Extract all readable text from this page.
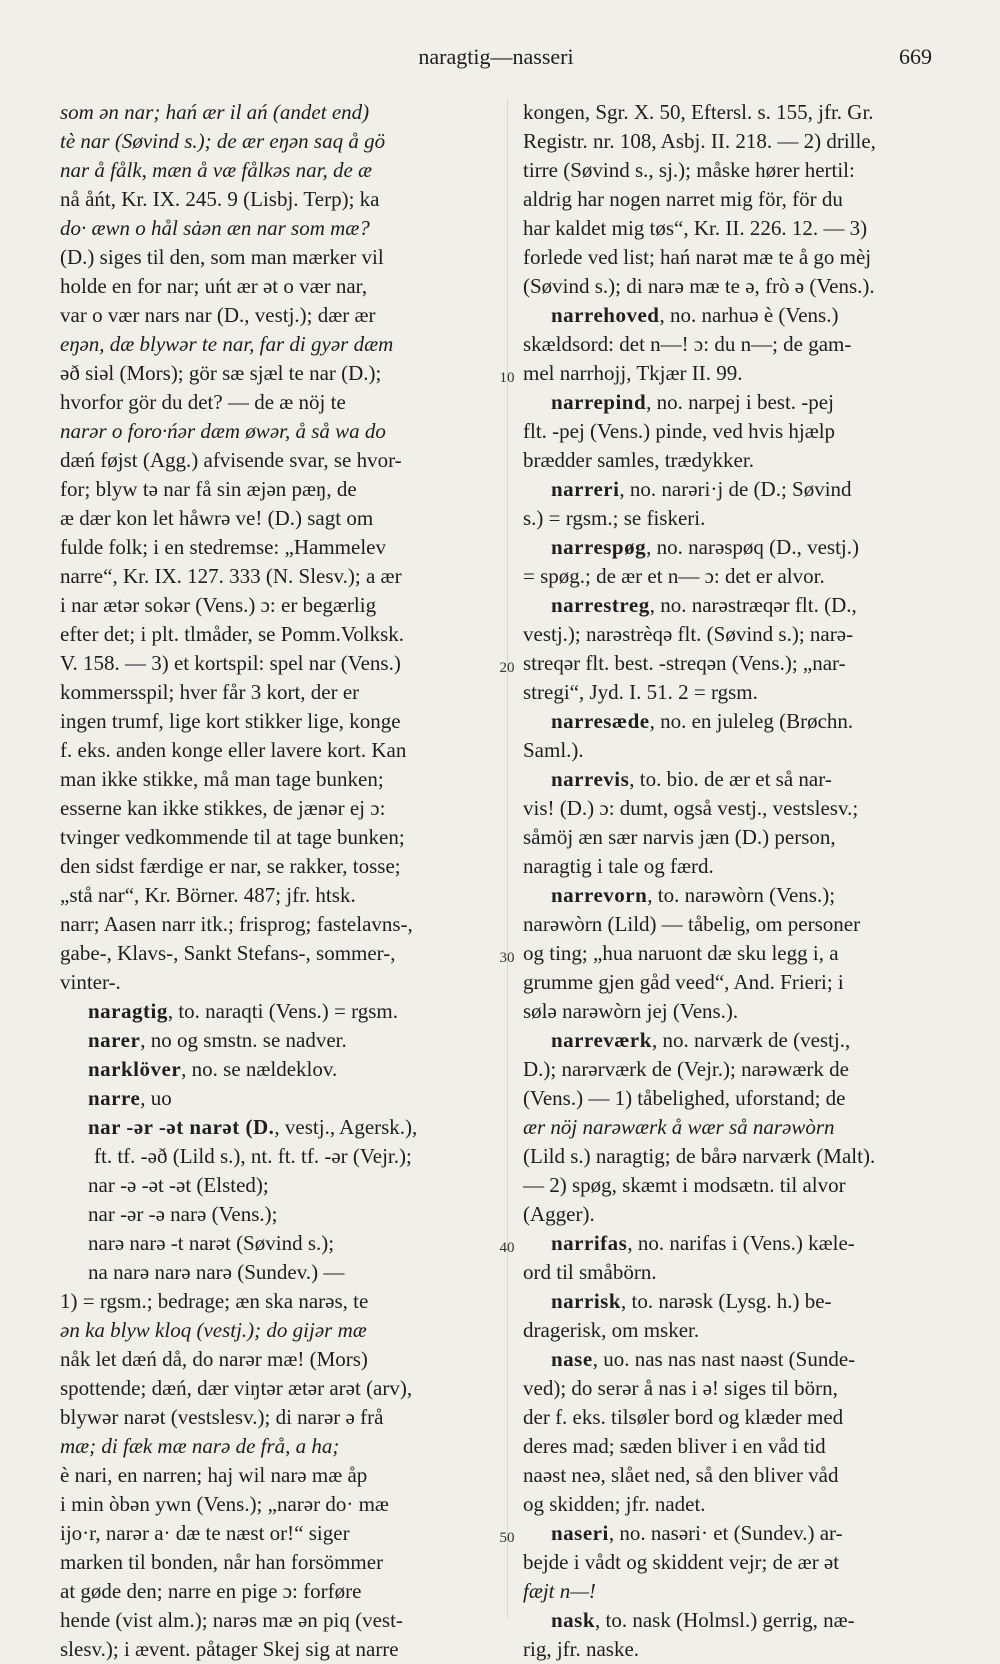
naragtig—nasseri	669
som ən nar; hań ær il ań (andet end)
tè nar (Søvind s.); de ær eŋən saq å gö
nar å fålk, mæn å væ fålkəs nar, de æ
nå åńt, Kr. IX. 245. 9 (Lisbj. Terp); ka
do· æwn o hål sȧən æn nar som mæ?
(D.) siges til den, som man mærker vil
holde en for nar; uńt ær ət o vær nar,
var o vær nars nar (D., vestj.); dær ær
eŋən, dæ blywər te nar, far di gyər dæm
əð siəl (Mors); gör sæ sjæl te nar (D.);
hvorfor gör du det? — de æ nöj te
narər o foro·ńər dæm øwər, å så wa do
dæń føjst (Agg.) afvisende svar, se hvor-
for; blyw tə nar få sin æjən pæŋ, de
æ dær kon let håwrə ve! (D.) sagt om
fulde folk; i en stedremse: „Hammelev
narre“, Kr. IX. 127. 333 (N. Slesv.); a ær
i nar ætər sokər (Vens.) ɔ: er begærlig
efter det; i plt. tlmåder, se Pomm.Volksk.
V. 158. — 3) et kortspil: spel nar (Vens.)
kommersspil; hver får 3 kort, der er
ingen trumf, lige kort stikker lige, konge
f. eks. anden konge eller lavere kort. Kan
man ikke stikke, må man tage bunken;
esserne kan ikke stikkes, de jænər ej ɔ:
tvinger vedkommende til at tage bunken;
den sidst færdige er nar, se rakker, tosse;
„stå nar“, Kr. Börner. 487; jfr. htsk.
narr; Aasen narr itk.; frisprog; fastelavns-,
gabe-, Klavs-, Sankt Stefans-, sommer-,
vinter-.
naragtig, to. naraqti (Vens.) = rgsm.
narer, no og smstn. se nadver.
narklöver, no. se nældeklov.
narre, uo
nar -ər -ət narət (D., vestj., Agersk.),
ft. tf. -əð (Lild s.), nt. ft. tf. -ər (Vejr.);
nar -ə -ət -ət (Elsted);
nar -ər -ə narə (Vens.);
narə narə -t narət (Søvind s.);
na narə narə narə (Sundev.) —
1) = rgsm.; bedrage; æn ska narəs, te
ən ka blyw kloq (vestj.); do gijər mæ
nåk let dæń då, do narər mæ! (Mors)
spottende; dæń, dær viŋtər ætər arət (arv),
blywər narət (vestslesv.); di narər ə frå
mæ; di fæk mæ narə de frå, a ha;
è nari, en narren; haj wil narə mæ åp
i min òbən ywn (Vens.); „narər do· mæ
ijo·r, narər a· dæ te næst or!“ siger
marken til bonden, når han forsömmer
at gøde den; narre en pige ɔ: forføre
hende (vist alm.); narəs mæ ən piq (vest-
slesv.); i ævent. påtager Skej sig at narre
kongen, Sgr. X. 50, Eftersl. s. 155, jfr. Gr.
Registr. nr. 108, Asbj. II. 218. — 2) drille,
tirre (Søvind s., sj.); måske hører hertil:
aldrig har nogen narret mig för, för du
har kaldet mig tøs“, Kr. II. 226. 12. — 3)
forlede ved list; hań narət mæ te å go mèj
(Søvind s.); di narə mæ te ə, frò ə (Vens.).
narrehoved, no. narhuə è (Vens.)
skældsord: det n—! ɔ: du n—; de gam-
mel narrhojj, Tkjær II. 99.
narrepind, no. narpej i best. -pej
flt. -pej (Vens.) pinde, ved hvis hjælp
brædder samles, trædykker.
narreri, no. narəri·j de (D.; Søvind
s.) = rgsm.; se fiskeri.
narrespøg, no. narəspøq (D., vestj.)
= spøg.; de ær et n— ɔ: det er alvor.
narrestreg, no. narəstræqər flt. (D.,
vestj.); narəstrèqə flt. (Søvind s.); narə-
streqər flt. best. -streqən (Vens.); „nar-
stregi“, Jyd. I. 51. 2 = rgsm.
narresæde, no. en juleleg (Brøchn.
Saml.).
narrevis, to. bio. de ær et så nar-
vis! (D.) ɔ: dumt, også vestj., vestslesv.;
såmöj æn sær narvis jæn (D.) person,
naragtig i tale og færd.
narrevorn, to. narəwòrn (Vens.);
narəwòrn (Lild) — tåbelig, om personer
og ting; „hua naruont dæ sku legg i, a
grumme gjen gåd veed“, And. Frieri; i
sølə narəwòrn jej (Vens.).
narreværk, no. narværk de (vestj.,
D.); narərværk de (Vejr.); narəwærk de
(Vens.) — 1) tåbelighed, uforstand; de
ær nöj narəwærk å wær så narəwòrn
(Lild s.) naragtig; de bårə narværk (Malt).
— 2) spøg, skæmt i modsætn. til alvor
(Agger).
narrifas, no. narifas i (Vens.) kæle-
ord til småbörn.
narrisk, to. narəsk (Lysg. h.) be-
dragerisk, om msker.
nase, uo. nas nas nast naəst (Sunde-
ved); do serər å nas i ə! siges til börn,
der f. eks. tilsøler bord og klæder med
deres mad; sæden bliver i en våd tid
naəst neə, slået ned, så den bliver våd
og skidden; jfr. nadet.
naseri, no. nasəri· et (Sundev.) ar-
bejde i vådt og skiddent vejr; de ær ət
fæjt n—!
nask, to. nask (Holmsl.) gerrig, næ-
rig, jfr. naske.
10
20
30
40
50
